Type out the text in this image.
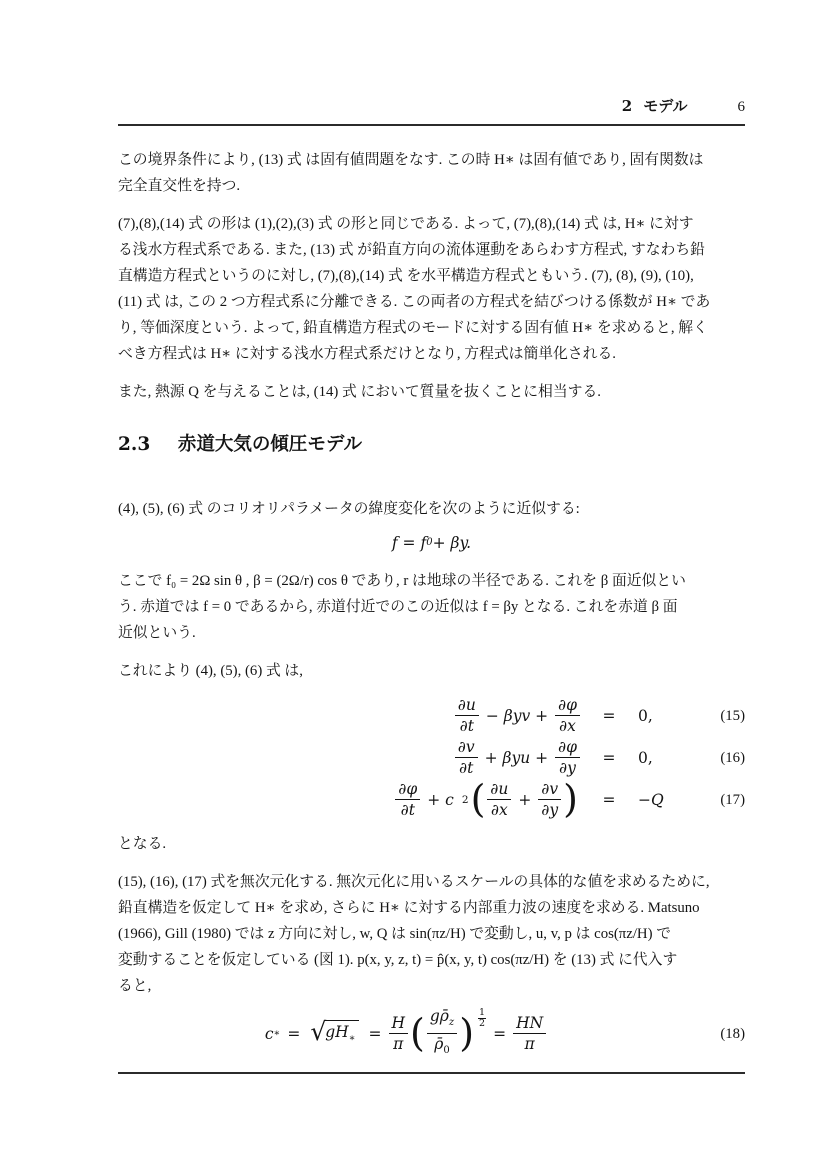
2 モデル	6
この境界条件により, (13) 式 は固有値問題をなす. この時 H∗ は固有値であり, 固有関数は
完全直交性を持つ.
(7),(8),(14) 式 の形は (1),(2),(3) 式 の形と同じである. よって, (7),(8),(14) 式 は, H∗ に対す
る浅水方程式系である. また, (13) 式 が鉛直方向の流体運動をあらわす方程式, すなわち鉛
直構造方程式というのに対し, (7),(8),(14) 式 を水平構造方程式ともいう. (7), (8), (9), (10),
(11) 式 は, この 2 つ方程式系に分離できる. この両者の方程式を結びつける係数が H∗ であ
り, 等価深度という. よって, 鉛直構造方程式のモードに対する固有値 H∗ を求めると, 解く
べき方程式は H∗ に対する浅水方程式系だけとなり, 方程式は簡単化される.
また, 熱源 Q を与えることは, (14) 式 において質量を抜くことに相当する.
2.3 赤道大気の傾圧モデル
(4), (5), (6) 式 のコリオリパラメータの緯度変化を次のように近似する:
f = f 0 + βy.
ここで f₀ = 2Ω sin θ , β = (2Ω/r) cos θ であり, r は地球の半径である. これを β 面近似とい
う. 赤道では f = 0 であるから, 赤道付近でのこの近似は f = βy となる. これを赤道 β 面
近似という.
これにより (4), (5), (6) 式 は,
$\frac{\partial u}{\partial t} - \beta yv + \frac{\partial\varphi}{\partial x}$	=	0,	(15)
$\frac{\partial v}{\partial t} + \beta yu + \frac{\partial\varphi}{\partial y}$	=	0,	(16)
$\frac{\partial\varphi}{\partial t} + c$ 2 ( $\frac{\partial u}{\partial x} + \frac{\partial v}{\partial y}$ )	=	−Q	(17)
となる.
(15), (16), (17) 式を無次元化する. 無次元化に用いるスケールの具体的な値を求めるために,
鉛直構造を仮定して H∗ を求め, さらに H∗ に対する内部重力波の速度を求める. Matsuno
(1966), Gill (1980) では z 方向に対し, w, Q は sin(πz/H) で変動し, u, v, p は cos(πz/H) で
変動することを仮定している (図 1). p(x, y, z, t) = p̂(x, y, t) cos(πz/H) を (13) 式 に代入す
ると,
c ∗ = √ $gH_∗ = \frac{H}{\pi}$ ( $\frac{g\rhō_z}{\rhō_0}$ ) $\frac{1}{2}$
= $\frac{HN}{\pi}$	(18)
